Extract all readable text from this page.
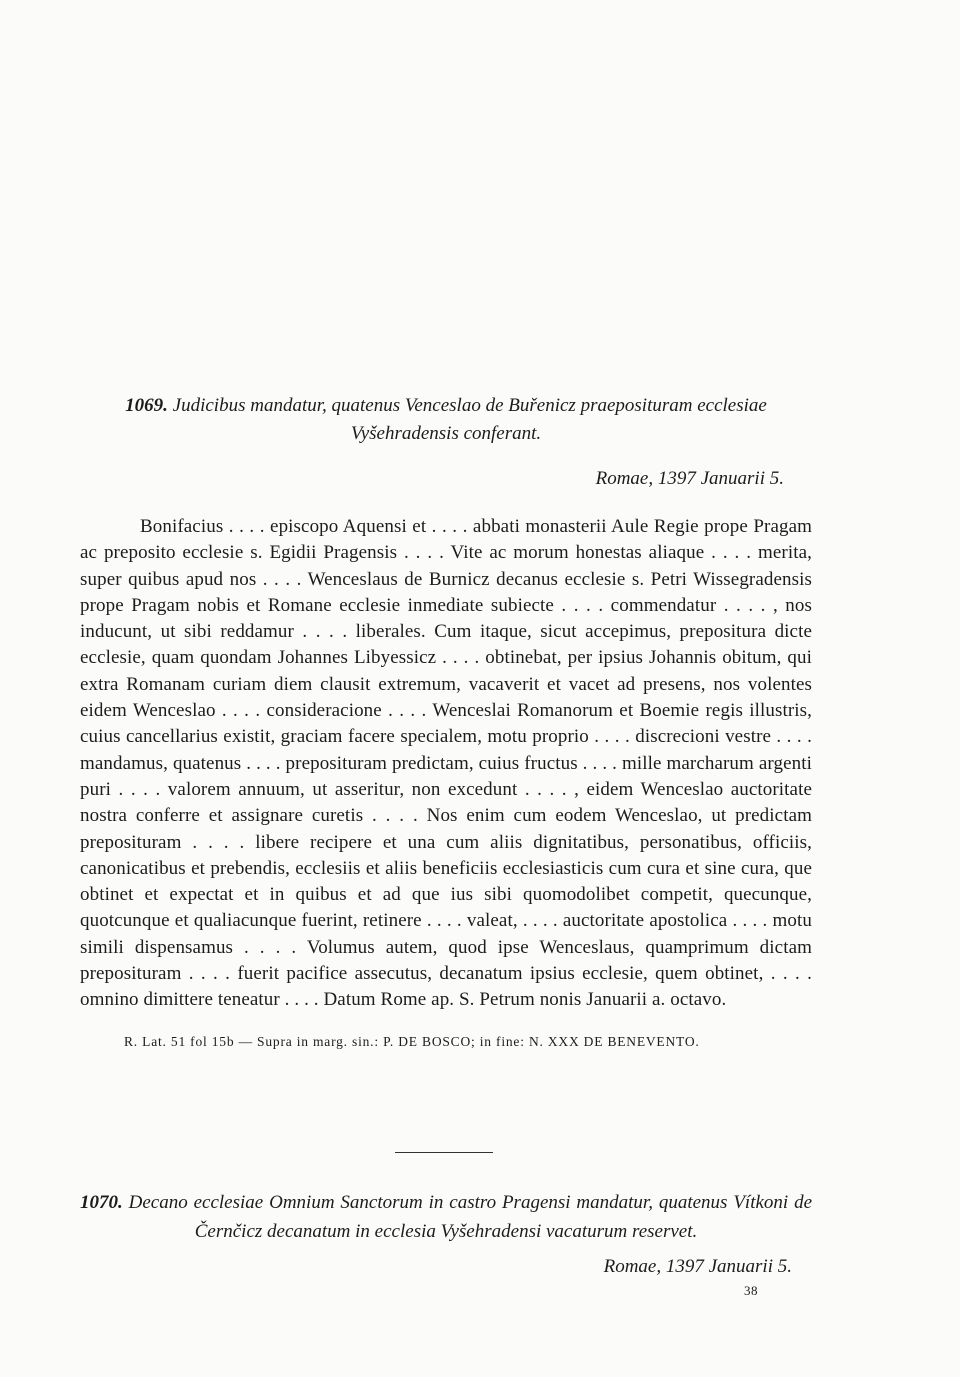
1069. Judicibus mandatur, quatenus Venceslao de Buřenicz praeposituram ecclesiae Vyšehradensis conferant.

Romae, 1397 Januarii 5.

Bonifacius . . . . episcopo Aquensi et . . . . abbati monasterii Aule Regie prope Pragam ac preposito ecclesie s. Egidii Pragensis . . . . Vite ac morum honestas aliaque . . . . merita, super quibus apud nos . . . . Wenceslaus de Burnicz decanus ecclesie s. Petri Wissegradensis prope Pragam nobis et Romane ecclesie inmediate subiecte . . . . commendatur . . . . , nos inducunt, ut sibi reddamur . . . . liberales. Cum itaque, sicut accepimus, prepositura dicte ecclesie, quam quondam Johannes Libyessicz . . . . obtinebat, per ipsius Johannis obitum, qui extra Romanam curiam diem clausit extremum, vacaverit et vacet ad presens, nos volentes eidem Wenceslao . . . . consideracione . . . . Wenceslai Romanorum et Boemie regis illustris, cuius cancellarius existit, graciam facere specialem, motu proprio . . . . discrecioni vestre . . . . mandamus, quatenus . . . . preposituram predictam, cuius fructus . . . . mille marcharum argenti puri . . . . valorem annuum, ut asseritur, non excedunt . . . . , eidem Wenceslao auctoritate nostra conferre et assignare curetis . . . . Nos enim cum eodem Wenceslao, ut predictam preposituram . . . . libere recipere et una cum aliis dignitatibus, personatibus, officiis, canonicatibus et prebendis, ecclesiis et aliis beneficiis ecclesiasticis cum cura et sine cura, que obtinet et expectat et in quibus et ad que ius sibi quomodolibet competit, quecunque, quotcunque et qualiacunque fuerint, retinere . . . . valeat, . . . . auctoritate apostolica . . . . motu simili dispensamus . . . . Volumus autem, quod ipse Wenceslaus, quamprimum dictam preposituram . . . . fuerit pacifice assecutus, decanatum ipsius ecclesie, quem obtinet, . . . . omnino dimittere teneatur . . . . Datum Rome ap. S. Petrum nonis Januarii a. octavo.

R. Lat. 51 fol 15b — Supra in marg. sin.: P. DE BOSCO; in fine: N. XXX DE BENEVENTO.

1070. Decano ecclesiae Omnium Sanctorum in castro Pragensi mandatur, quatenus Vítkoni de Černčicz decanatum in ecclesia Vyšehradensi vacaturum reservet.

Romae, 1397 Januarii 5.

38
